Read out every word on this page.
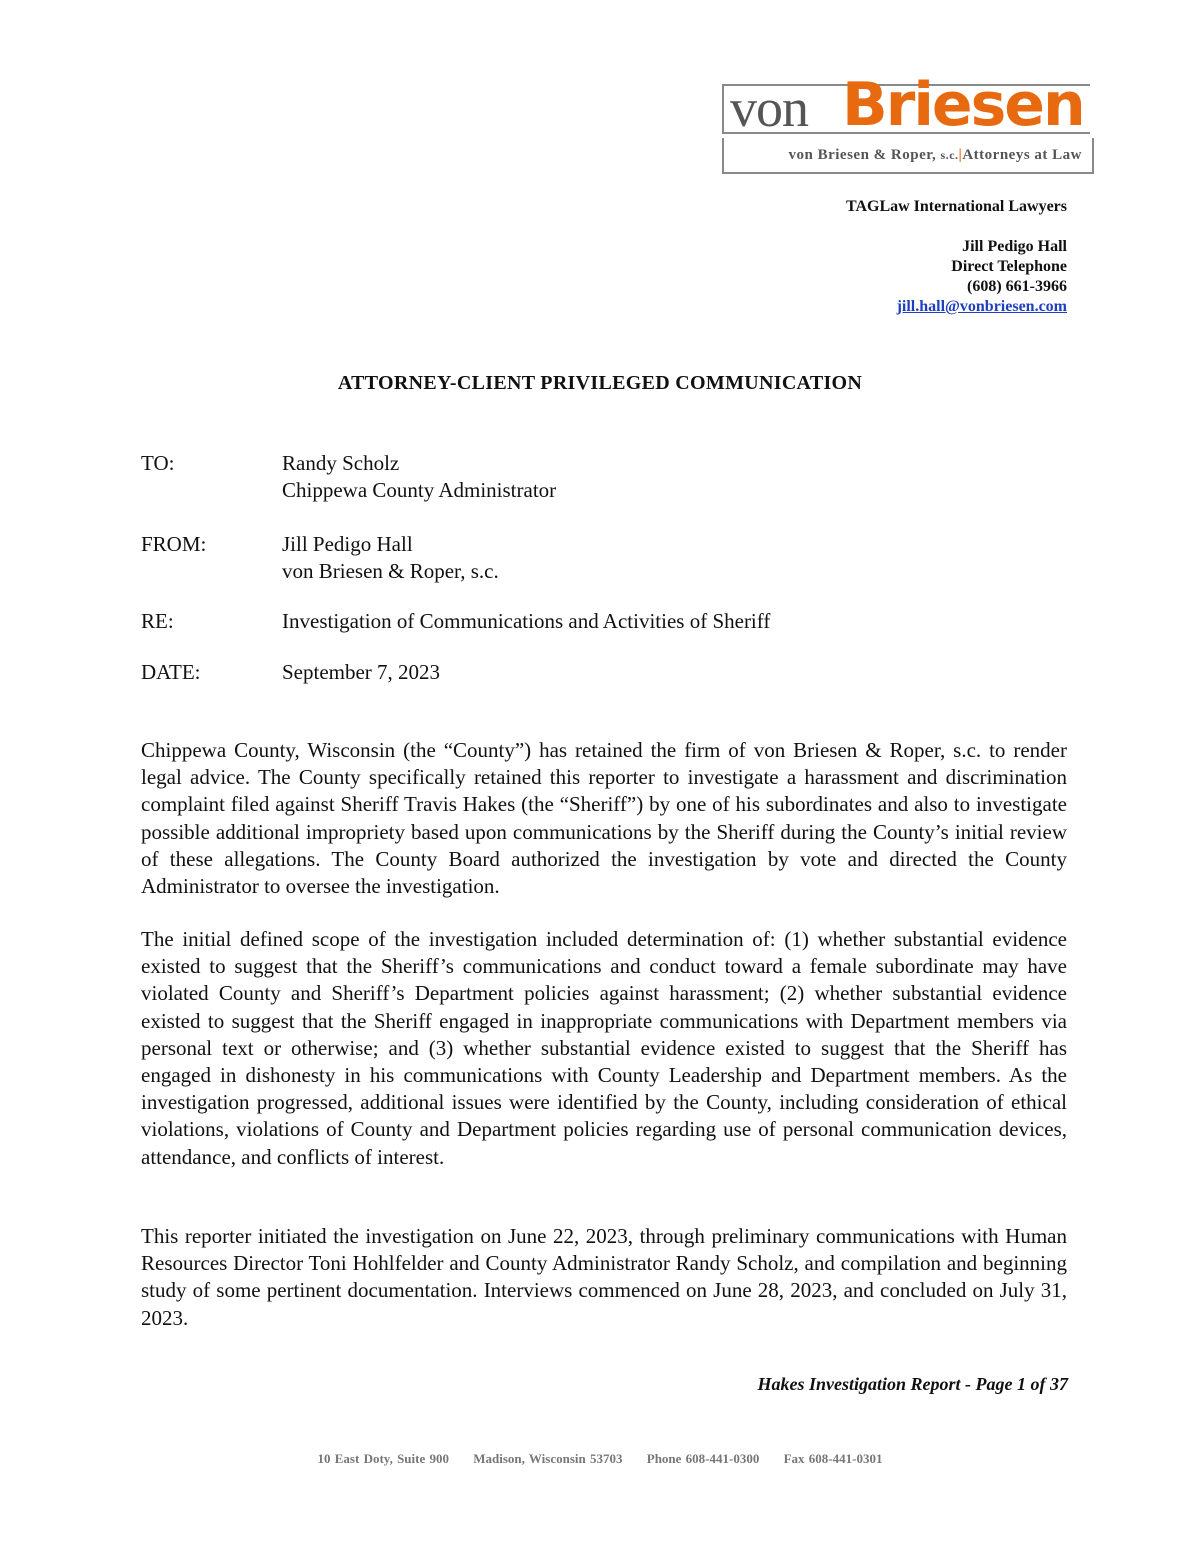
von Briesen
von Briesen & Roper, s.c.|Attorneys at Law
TAGLaw International Lawyers
Jill Pedigo Hall
Direct Telephone
(608) 661-3966
jill.hall@vonbriesen.com
ATTORNEY-CLIENT PRIVILEGED COMMUNICATION
TO:	Randy Scholz
Chippewa County Administrator
FROM:	Jill Pedigo Hall
von Briesen & Roper, s.c.
RE:	Investigation of Communications and Activities of Sheriff
DATE:	September 7, 2023

Chippewa County, Wisconsin (the “County”) has retained the firm of von Briesen & Roper, s.c. to render legal advice. The County specifically retained this reporter to investigate a harassment and discrimination complaint filed against Sheriff Travis Hakes (the “Sheriff”) by one of his subordinates and also to investigate possible additional impropriety based upon communications by the Sheriff during the County’s initial review of these allegations. The County Board authorized the investigation by vote and directed the County Administrator to oversee the investigation.

The initial defined scope of the investigation included determination of: (1) whether substantial evidence existed to suggest that the Sheriff’s communications and conduct toward a female subordinate may have violated County and Sheriff’s Department policies against harassment; (2) whether substantial evidence existed to suggest that the Sheriff engaged in inappropriate communications with Department members via personal text or otherwise; and (3) whether substantial evidence existed to suggest that the Sheriff has engaged in dishonesty in his communications with County Leadership and Department members. As the investigation progressed, additional issues were identified by the County, including consideration of ethical violations, violations of County and Department policies regarding use of personal communication devices, attendance, and conflicts of interest.

This reporter initiated the investigation on June 22, 2023, through preliminary communications with Human Resources Director Toni Hohlfelder and County Administrator Randy Scholz, and compilation and beginning study of some pertinent documentation. Interviews commenced on June 28, 2023, and concluded on July 31, 2023.

Hakes Investigation Report - Page 1 of 37
10 East Doty, Suite 900 Madison, Wisconsin 53703 Phone 608-441-0300 Fax 608-441-0301
